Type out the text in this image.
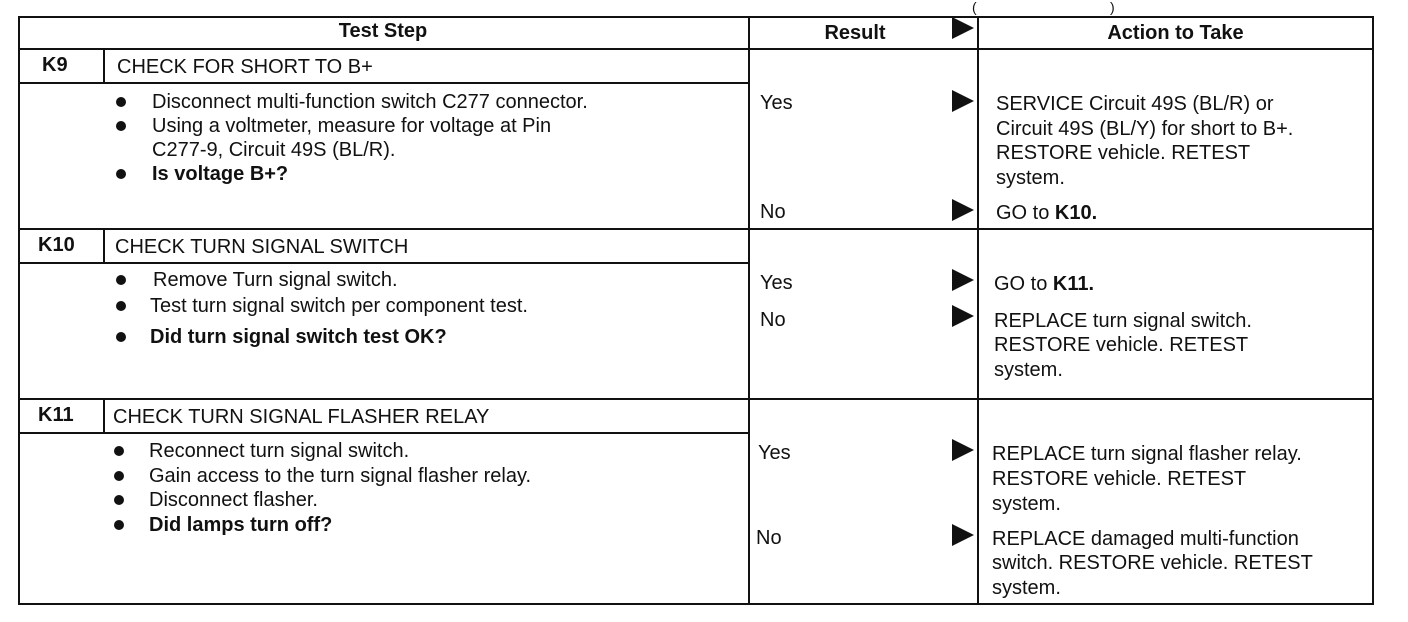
(	)
Test Step	Result	Action to Take
K9 CHECK FOR SHORT TO B+
Disconnect multi-function switch C277 connector.
Using a voltmeter, measure for voltage at Pin
C277-9, Circuit 49S (BL/R).
Is voltage B+?
Yes	SERVICE Circuit 49S (BL/R) or
Circuit 49S (BL/Y) for short to B+.
RESTORE vehicle. RETEST
system.
No	GO to K10.
K10 CHECK TURN SIGNAL SWITCH
Remove Turn signal switch.
Test turn signal switch per component test.
Did turn signal switch test OK?
Yes	GO to K11.
No	REPLACE turn signal switch.
RESTORE vehicle. RETEST
system.
K11 CHECK TURN SIGNAL FLASHER RELAY
Reconnect turn signal switch.
Gain access to the turn signal flasher relay.
Disconnect flasher.
Did lamps turn off?
Yes	REPLACE turn signal flasher relay.
RESTORE vehicle. RETEST
system.
No	REPLACE damaged multi-function
switch. RESTORE vehicle. RETEST
system.
